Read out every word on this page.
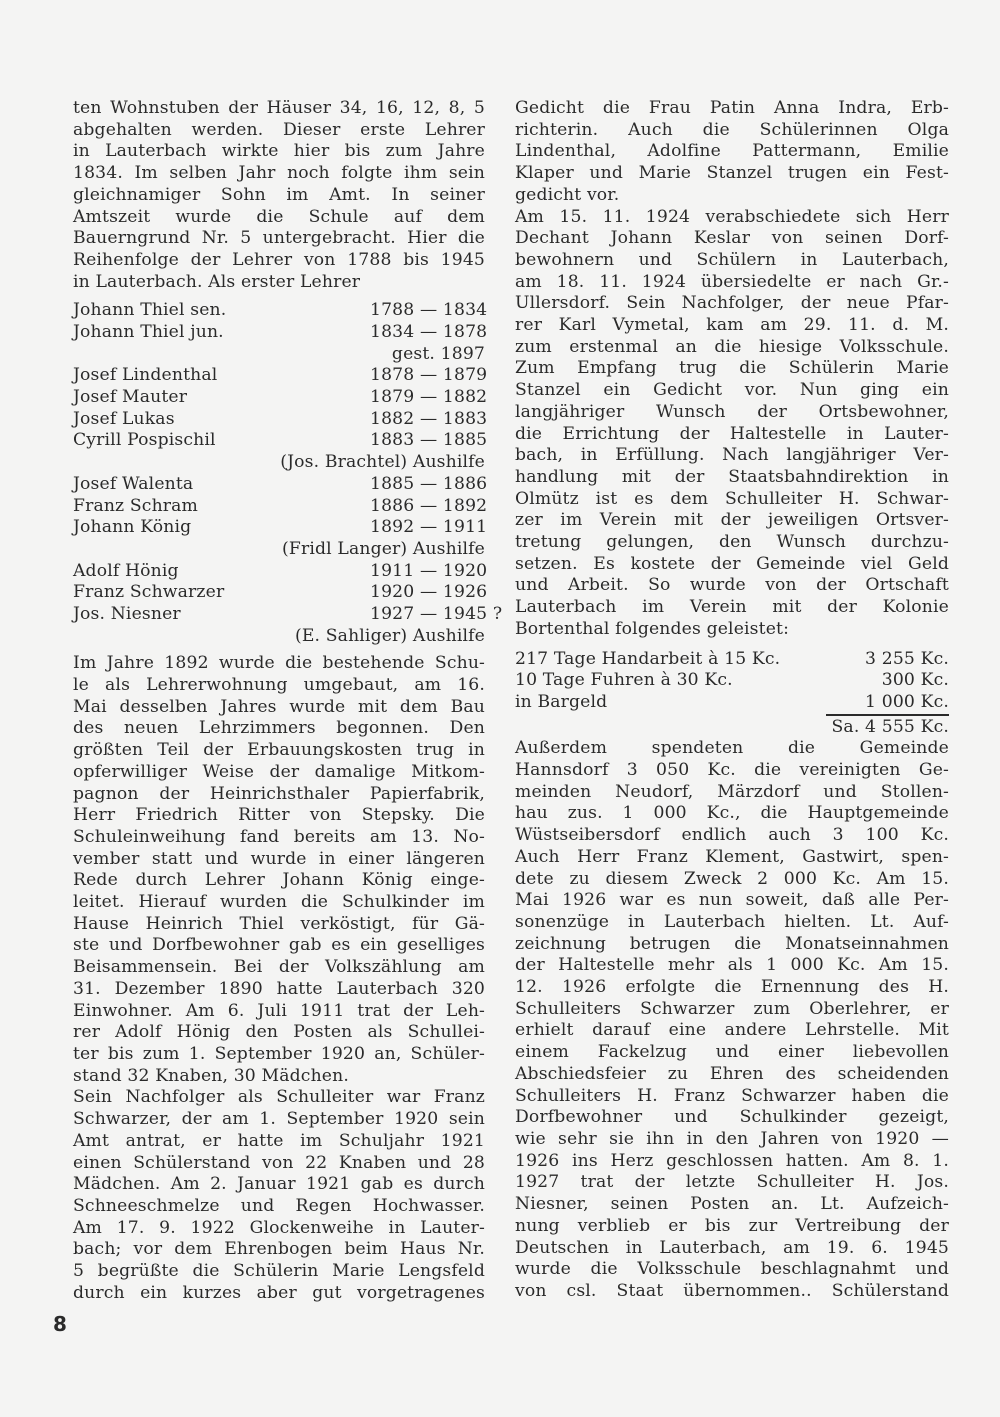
ten Wohnstuben der Häuser 34, 16, 12, 8, 5
abgehalten werden. Dieser erste Lehrer
in Lauterbach wirkte hier bis zum Jahre
1834. Im selben Jahr noch folgte ihm sein
gleichnamiger Sohn im Amt. In seiner
Amtszeit wurde die Schule auf dem
Bauerngrund Nr. 5 untergebracht. Hier die
Reihenfolge der Lehrer von 1788 bis 1945
in Lauterbach. Als erster Lehrer
Johann Thiel sen.	1788 — 1834
Johann Thiel jun.	1834 — 1878
gest. 1897
Josef Lindenthal	1878 — 1879
Josef Mauter	1879 — 1882
Josef Lukas	1882 — 1883
Cyrill Pospischil	1883 — 1885
(Jos. Brachtel) Aushilfe
Josef Walenta	1885 — 1886
Franz Schram	1886 — 1892
Johann König	1892 — 1911
(Fridl Langer) Aushilfe
Adolf Hönig	1911 — 1920
Franz Schwarzer	1920 — 1926
Jos. Niesner	1927 — 1945 ?
(E. Sahliger) Aushilfe
Im Jahre 1892 wurde die bestehende Schu-
le als Lehrerwohnung umgebaut, am 16.
Mai desselben Jahres wurde mit dem Bau
des neuen Lehrzimmers begonnen. Den
größten Teil der Erbauungskosten trug in
opferwilliger Weise der damalige Mitkom-
pagnon der Heinrichsthaler Papierfabrik,
Herr Friedrich Ritter von Stepsky. Die
Schuleinweihung fand bereits am 13. No-
vember statt und wurde in einer längeren
Rede durch Lehrer Johann König einge-
leitet. Hierauf wurden die Schulkinder im
Hause Heinrich Thiel verköstigt, für Gä-
ste und Dorfbewohner gab es ein geselliges
Beisammensein. Bei der Volkszählung am
31. Dezember 1890 hatte Lauterbach 320
Einwohner. Am 6. Juli 1911 trat der Leh-
rer Adolf Hönig den Posten als Schullei-
ter bis zum 1. September 1920 an, Schüler-
stand 32 Knaben, 30 Mädchen.
Sein Nachfolger als Schulleiter war Franz
Schwarzer, der am 1. September 1920 sein
Amt antrat, er hatte im Schuljahr 1921
einen Schülerstand von 22 Knaben und 28
Mädchen. Am 2. Januar 1921 gab es durch
Schneeschmelze und Regen Hochwasser.
Am 17. 9. 1922 Glockenweihe in Lauter-
bach; vor dem Ehrenbogen beim Haus Nr.
5 begrüßte die Schülerin Marie Lengsfeld
durch ein kurzes aber gut vorgetragenes
Gedicht die Frau Patin Anna Indra, Erb-
richterin. Auch die Schülerinnen Olga
Lindenthal, Adolfine Pattermann, Emilie
Klaper und Marie Stanzel trugen ein Fest-
gedicht vor.
Am 15. 11. 1924 verabschiedete sich Herr
Dechant Johann Keslar von seinen Dorf-
bewohnern und Schülern in Lauterbach,
am 18. 11. 1924 übersiedelte er nach Gr.-
Ullersdorf. Sein Nachfolger, der neue Pfar-
rer Karl Vymetal, kam am 29. 11. d. M.
zum erstenmal an die hiesige Volksschule.
Zum Empfang trug die Schülerin Marie
Stanzel ein Gedicht vor. Nun ging ein
langjähriger Wunsch der Ortsbewohner,
die Errichtung der Haltestelle in Lauter-
bach, in Erfüllung. Nach langjähriger Ver-
handlung mit der Staatsbahndirektion in
Olmütz ist es dem Schulleiter H. Schwar-
zer im Verein mit der jeweiligen Ortsver-
tretung gelungen, den Wunsch durchzu-
setzen. Es kostete der Gemeinde viel Geld
und Arbeit. So wurde von der Ortschaft
Lauterbach im Verein mit der Kolonie
Bortenthal folgendes geleistet:
217 Tage Handarbeit à 15 Kc.	3 255 Kc.
10 Tage Fuhren à 30 Kc.	300 Kc.
in Bargeld	1 000 Kc.
Sa. 4 555 Kc.
Außerdem spendeten die Gemeinde
Hannsdorf 3 050 Kc. die vereinigten Ge-
meinden Neudorf, Märzdorf und Stollen-
hau zus. 1 000 Kc., die Hauptgemeinde
Wüstseibersdorf endlich auch 3 100 Kc.
Auch Herr Franz Klement, Gastwirt, spen-
dete zu diesem Zweck 2 000 Kc. Am 15.
Mai 1926 war es nun soweit, daß alle Per-
sonenzüge in Lauterbach hielten. Lt. Auf-
zeichnung betrugen die Monatseinnahmen
der Haltestelle mehr als 1 000 Kc. Am 15.
12. 1926 erfolgte die Ernennung des H.
Schulleiters Schwarzer zum Oberlehrer, er
erhielt darauf eine andere Lehrstelle. Mit
einem Fackelzug und einer liebevollen
Abschiedsfeier zu Ehren des scheidenden
Schulleiters H. Franz Schwarzer haben die
Dorfbewohner und Schulkinder gezeigt,
wie sehr sie ihn in den Jahren von 1920 —
1926 ins Herz geschlossen hatten. Am 8. 1.
1927 trat der letzte Schulleiter H. Jos.
Niesner, seinen Posten an. Lt. Aufzeich-
nung verblieb er bis zur Vertreibung der
Deutschen in Lauterbach, am 19. 6. 1945
wurde die Volksschule beschlagnahmt und
von csl. Staat übernommen.. Schülerstand
8
